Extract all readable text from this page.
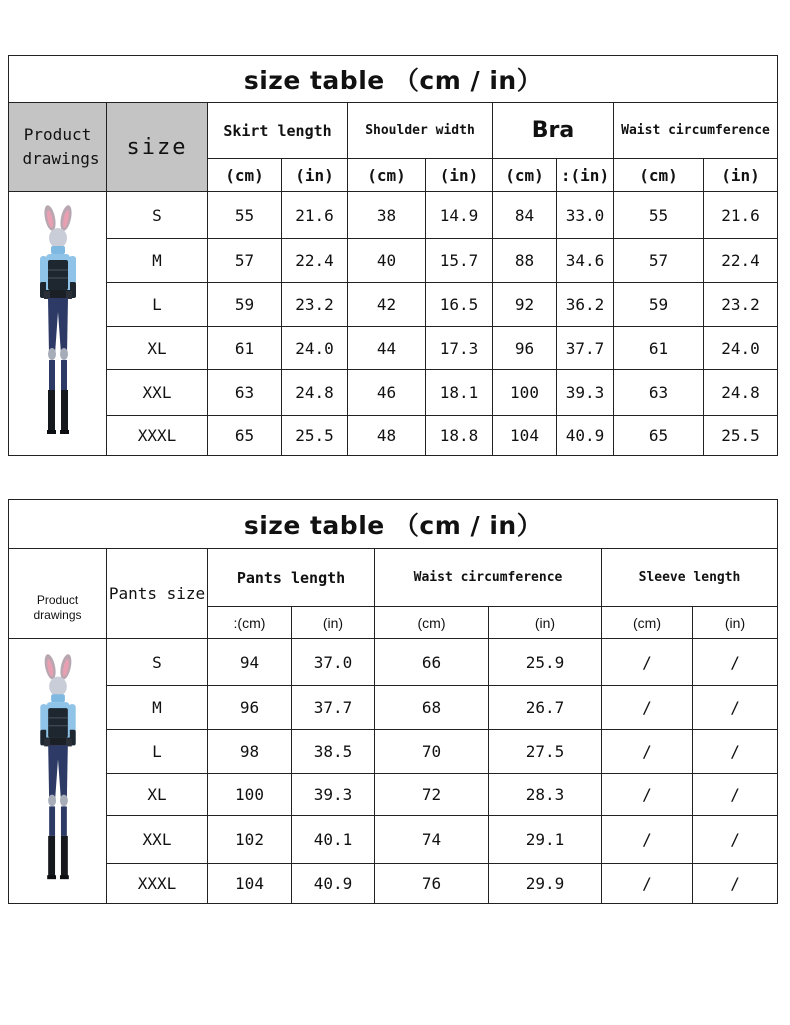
size table （cm / in）									

Product drawings	size	Skirt length		Shoulder width		Bra		Waist circumference	
		(cm)	(in)	(cm)	(in)	(cm)	:(in)	(cm)	(in)

	S	55	21.6	38	14.9	84	33.0	55	21.6
	M	57	22.4	40	15.7	88	34.6	57	22.4
	L	59	23.2	42	16.5	92	36.2	59	23.2
	XL	61	24.0	44	17.3	96	37.7	61	24.0
	XXL	63	24.8	46	18.1	100	39.3	63	24.8
	XXXL	65	25.5	48	18.8	104	40.9	65	25.5
size table （cm / in）							

Product drawings	Pants size	Pants length		Waist circumference		Sleeve length	
		:(cm)	(in)	(cm)	(in)	(cm)	(in)

	S	94	37.0	66	25.9	/	/
	M	96	37.7	68	26.7	/	/
	L	98	38.5	70	27.5	/	/
	XL	100	39.3	72	28.3	/	/
	XXL	102	40.1	74	29.1	/	/
	XXXL	104	40.9	76	29.9	/	/
